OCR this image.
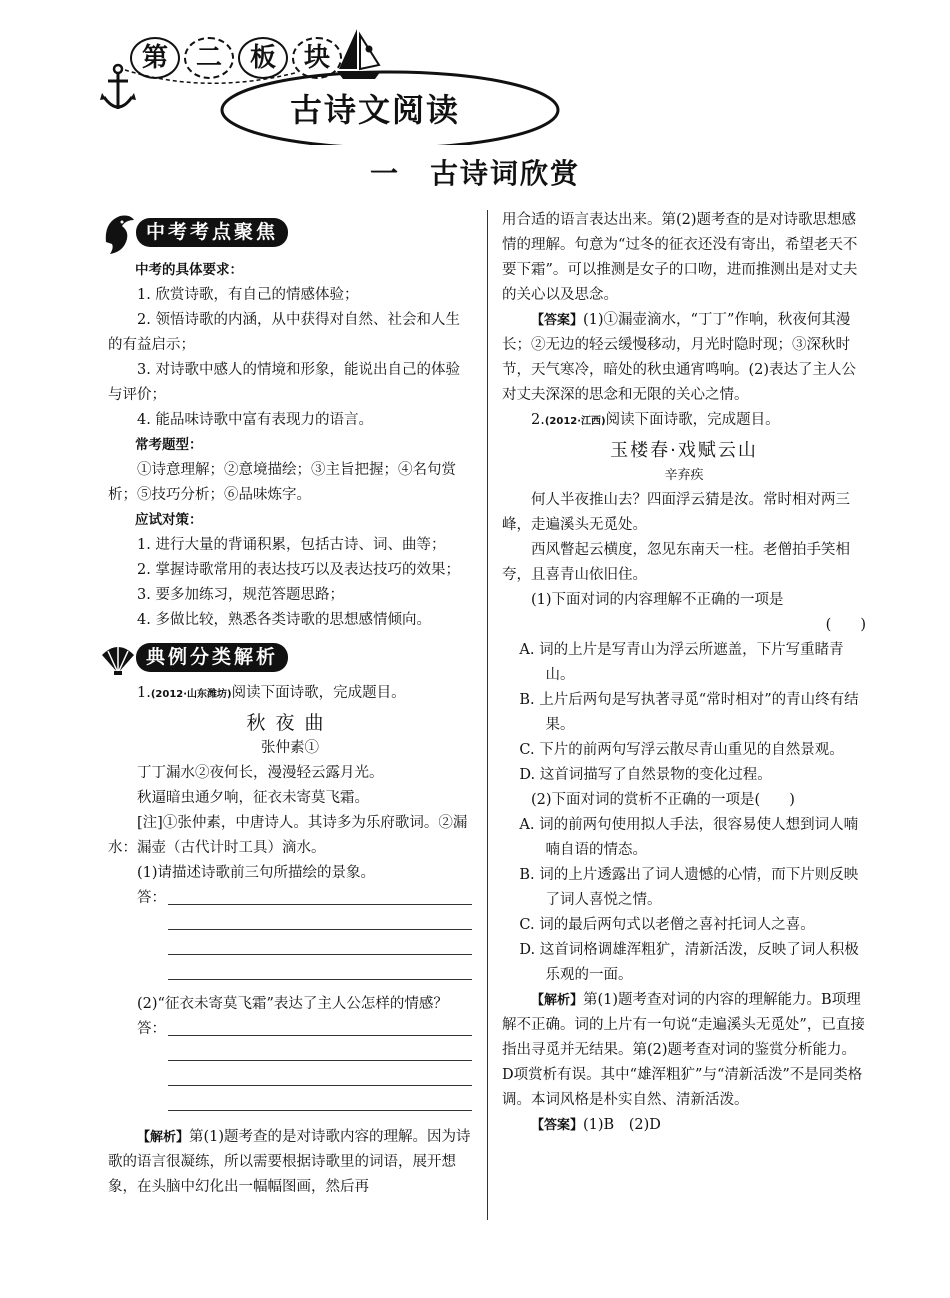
第	二	板	块
古诗文阅读
一　古诗词欣赏
中考考点聚焦

中考的具体要求：

1. 欣赏诗歌，有自己的情感体验；

2. 领悟诗歌的内涵，从中获得对自然、社会和人生的有益启示；

3. 对诗歌中感人的情境和形象，能说出自己的体验与评价；

4. 能品味诗歌中富有表现力的语言。

常考题型：

①诗意理解；②意境描绘；③主旨把握；④名句赏析；⑤技巧分析；⑥品味炼字。

应试对策：

1. 进行大量的背诵积累，包括古诗、词、曲等；

2. 掌握诗歌常用的表达技巧以及表达技巧的效果；

3. 要多加练习，规范答题思路；

4. 多做比较，熟悉各类诗歌的思想感情倾向。

典例分类解析

1.(2012·山东潍坊)阅读下面诗歌，完成题目。

秋夜曲

张仲素①

丁丁漏水②夜何长，漫漫轻云露月光。

秋逼暗虫通夕响，征衣未寄莫飞霜。

[注]①张仲素，中唐诗人。其诗多为乐府歌词。②漏水：漏壶（古代计时工具）滴水。

(1)请描述诗歌前三句所描绘的景象。

答：

(2)“征衣未寄莫飞霜”表达了主人公怎样的情感？

答：

【解析】第(1)题考查的是对诗歌内容的理解。因为诗歌的语言很凝练，所以需要根据诗歌里的词语，展开想象，在头脑中幻化出一幅幅图画，然后再

用合适的语言表达出来。第(2)题考查的是对诗歌思想感情的理解。句意为“过冬的征衣还没有寄出，希望老天不要下霜”。可以推测是女子的口吻，进而推测出是对丈夫的关心以及思念。

【答案】(1)①漏壶滴水，“丁丁”作响，秋夜何其漫长；②无边的轻云缓慢移动，月光时隐时现；③深秋时节，天气寒冷，暗处的秋虫通宵鸣响。(2)表达了主人公对丈夫深深的思念和无限的关心之情。

2.(2012·江西)阅读下面诗歌，完成题目。

玉楼春·戏赋云山

辛弃疾

何人半夜推山去？四面浮云猜是汝。常时相对两三峰，走遍溪头无觅处。

西风瞥起云横度，忽见东南天一柱。老僧拍手笑相夸，且喜青山依旧住。

(1)下面对词的内容理解不正确的一项是

(　　)

A. 词的上片是写青山为浮云所遮盖，下片写重睹青山。

B. 上片后两句是写执著寻觅“常时相对”的青山终有结果。

C. 下片的前两句写浮云散尽青山重见的自然景观。

D. 这首词描写了自然景物的变化过程。

(2)下面对词的赏析不正确的一项是(　　)

A. 词的前两句使用拟人手法，很容易使人想到词人喃喃自语的情态。

B. 词的上片透露出了词人遗憾的心情，而下片则反映了词人喜悦之情。

C. 词的最后两句式以老僧之喜衬托词人之喜。

D. 这首词格调雄浑粗犷，清新活泼，反映了词人积极乐观的一面。

【解析】第(1)题考查对词的内容的理解能力。B项理解不正确。词的上片有一句说“走遍溪头无觅处”，已直接指出寻觅并无结果。第(2)题考查对词的鉴赏分析能力。D项赏析有误。其中“雄浑粗犷”与“清新活泼”不是同类格调。本词风格是朴实自然、清新活泼。

【答案】(1)B　(2)D
